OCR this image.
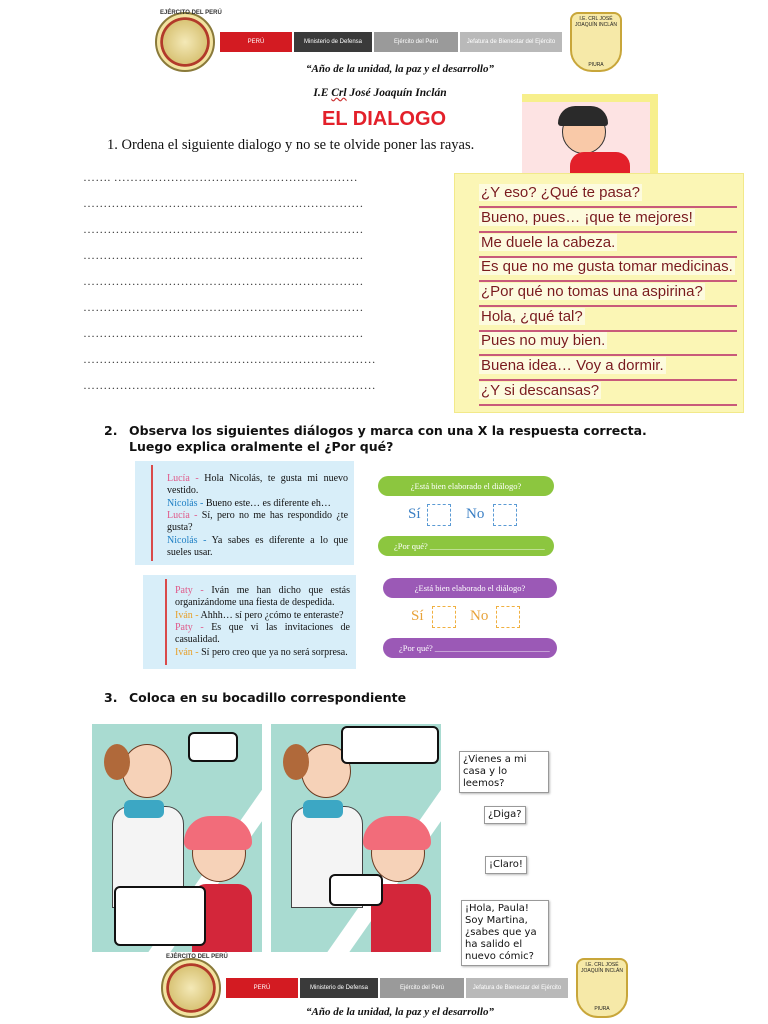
EJÉRCITO DEL PERÚ
PERÚ	Ministerio de Defensa	Ejército del Perú	Jefatura de Bienestar del Ejército
I.E. CRL JOSÉ JOAQUÍN INCLÁN
PIURA
“Año de la unidad, la paz y el desarrollo”
I.E Crl José Joaquín Inclán
EL DIALOGO
1. Ordena el siguiente dialogo y no se te olvide poner las rayas.
……. ……………………………………………………
……………………………………………………………
……………………………………………………………
……………………………………………………………
……………………………………………………………
……………………………………………………………
……………………………………………………………
………………………………………………………………
………………………………………………………………
¿Y eso? ¿Qué te pasa?
Bueno, pues… ¡que te mejores!
Me duele la cabeza.
Es que no me gusta tomar medicinas.
¿Por qué no tomas una aspirina?
Hola, ¿qué tal?
Pues no muy bien.
Buena idea… Voy a dormir.
¿Y si descansas?
2. Observa los siguientes diálogos y marca con una X la respuesta correcta. Luego explica oralmente el ¿Por qué?
Lucía - Hola Nicolás, te gusta mi nuevo vestido.
Nicolás - Bueno este… es diferente eh…
Lucía - Sí, pero no me has respondido ¿te gusta?
Nicolás - Ya sabes es diferente a lo que sueles usar.
Paty - Iván me han dicho que estás organizándome una fiesta de despedida.
Iván - Ahhh… sí pero ¿cómo te enteraste?
Paty - Es que vi las invitaciones de casualidad.
Iván - Sí pero creo que ya no será sorpresa.
¿Está bien elaborado el diálogo?
Sí	No
¿Por qué? ___________________________
¿Está bien elaborado el diálogo?
Sí	No
¿Por qué? ___________________________
3. Coloca en su bocadillo correspondiente
¿Vienes a mi casa y lo leemos?
¿Diga?
¡Claro!
¡Hola, Paula! Soy Martina, ¿sabes que ya ha salido el nuevo cómic?
EJÉRCITO DEL PERÚ
PERÚ	Ministerio de Defensa	Ejército del Perú	Jefatura de Bienestar del Ejército
I.E. CRL JOSÉ JOAQUÍN INCLÁN
PIURA
“Año de la unidad, la paz y el desarrollo”
